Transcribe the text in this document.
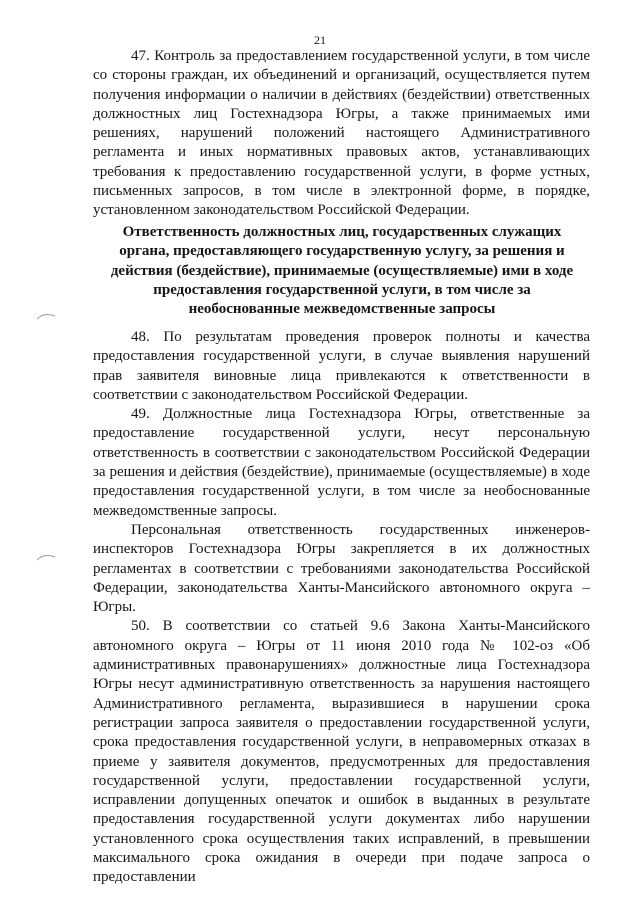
21

47. Контроль за предоставлением государственной услуги, в том числе со стороны граждан, их объединений и организаций, осуществляется путем получения информации о наличии в действиях (бездействии) ответственных должностных лиц Гостехнадзора Югры, а также принимаемых ими решениях, нарушений положений настоящего Административного регламента и иных нормативных правовых актов, устанавливающих требования к предоставлению государственной услуги, в форме устных, письменных запросов, в том числе в электронной форме, в порядке, установленном законодательством Российской Федерации.

Ответственность должностных лиц, государственных служащих
органа, предоставляющего государственную услугу, за решения и
действия (бездействие), принимаемые (осуществляемые) ими в ходе
предоставления государственной услуги, в том числе за
необоснованные межведомственные запросы

48. По результатам проведения проверок полноты и качества предоставления государственной услуги, в случае выявления нарушений прав заявителя виновные лица привлекаются к ответственности в соответствии с законодательством Российской Федерации.

49. Должностные лица Гостехнадзора Югры, ответственные за предоставление государственной услуги, несут персональную ответственность в соответствии с законодательством Российской Федерации за решения и действия (бездействие), принимаемые (осуществляемые) в ходе предоставления государственной услуги, в том числе за необоснованные межведомственные запросы.

Персональная ответственность государственных инженеров-инспекторов Гостехнадзора Югры закрепляется в их должностных регламентах в соответствии с требованиями законодательства Российской Федерации, законодательства Ханты-Мансийского автономного округа – Югры.

50. В соответствии со статьей 9.6 Закона Ханты-Мансийского автономного округа – Югры от 11 июня 2010 года № 102-оз «Об административных правонарушениях» должностные лица Гостехнадзора Югры несут административную ответственность за нарушения настоящего Административного регламента, выразившиеся в нарушении срока регистрации запроса заявителя о предоставлении государственной услуги, срока предоставления государственной услуги, в неправомерных отказах в приеме у заявителя документов, предусмотренных для предоставления государственной услуги, предоставлении государственной услуги, исправлении допущенных опечаток и ошибок в выданных в результате предоставления государственной услуги документах либо нарушении установленного срока осуществления таких исправлений, в превышении максимального срока ожидания в очереди при подаче запроса о предоставлении
